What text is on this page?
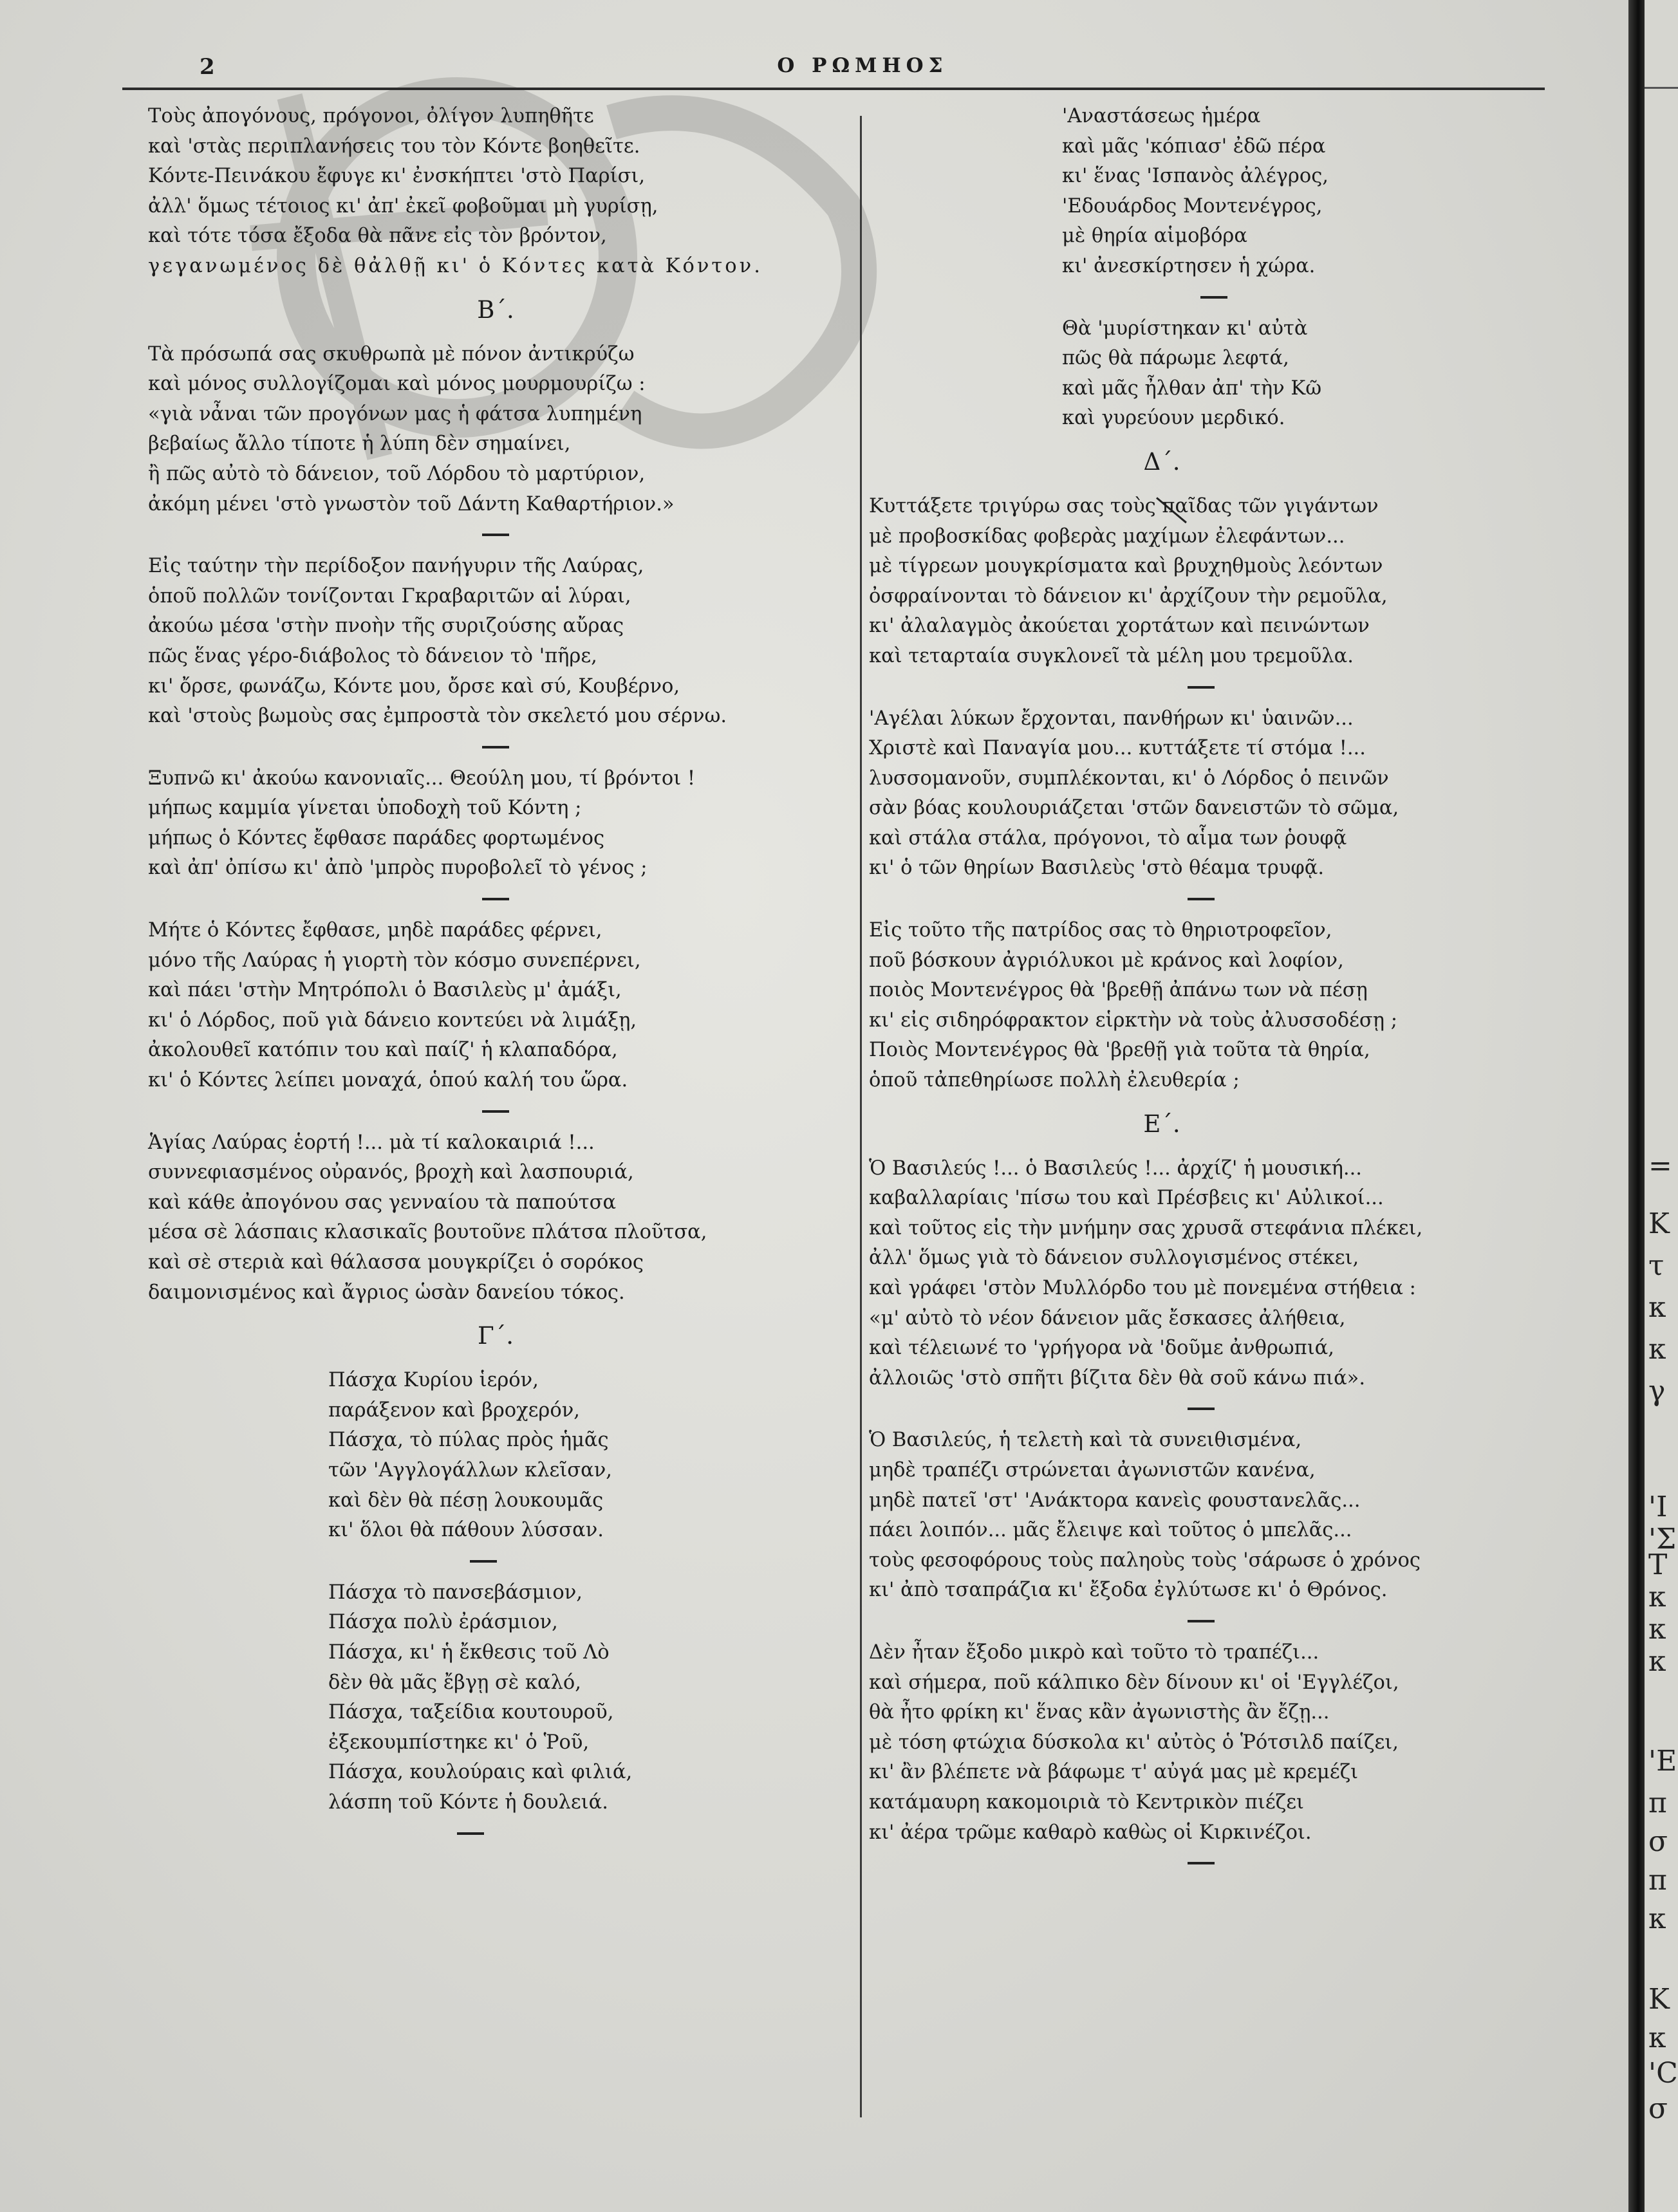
2	Ο ΡΩΜΗΟΣ
Τοὺς ἀπογόνους, πρόγονοι, ὀλίγον λυπηθῆτε
καὶ 'στὰς περιπλανήσεις του τὸν Κόντε βοηθεῖτε.
Κόντε-Πεινάκου ἔφυγε κι' ἐνσκήπτει 'στὸ Παρίσι,
ἀλλ' ὅμως τέτοιος κι' ἀπ' ἐκεῖ φοβοῦμαι μὴ γυρίσῃ,
καὶ τότε τόσα ἔξοδα θὰ πᾶνε εἰς τὸν βρόντον,
γεγανωμένος δὲ θἀλθῇ κι' ὁ Κόντες κατὰ Κόντον.
Β΄.
Τὰ πρόσωπά σας σκυθρωπὰ μὲ πόνον ἀντικρύζω
καὶ μόνος συλλογίζομαι καὶ μόνος μουρμουρίζω :
«γιὰ νἆναι τῶν προγόνων μας ἡ φάτσα λυπημένη
βεβαίως ἄλλο τίποτε ἡ λύπη δὲν σημαίνει,
ἢ πῶς αὐτὸ τὸ δάνειον, τοῦ Λόρδου τὸ μαρτύριον,
ἀκόμη μένει 'στὸ γνωστὸν τοῦ Δάντη Καθαρτήριον.»
Εἰς ταύτην τὴν περίδοξον πανήγυριν τῆς Λαύρας,
ὁποῦ πολλῶν τονίζονται Γκραβαριτῶν αἱ λύραι,
ἀκούω μέσα 'στὴν πνοὴν τῆς συριζούσης αὔρας
πῶς ἕνας γέρο-διάβολος τὸ δάνειον τὸ 'πῆρε,
κι' ὄρσε, φωνάζω, Κόντε μου, ὄρσε καὶ σύ, Κουβέρνο,
καὶ 'στοὺς βωμοὺς σας ἐμπροστὰ τὸν σκελετό μου σέρνω.
Ξυπνῶ κι' ἀκούω κανονιαῖς... Θεούλη μου, τί βρόντοι !
μήπως καμμία γίνεται ὑποδοχὴ τοῦ Κόντη ;
μήπως ὁ Κόντες ἔφθασε παράδες φορτωμένος
καὶ ἀπ' ὀπίσω κι' ἀπὸ 'μπρὸς πυροβολεῖ τὸ γένος ;
Μήτε ὁ Κόντες ἔφθασε, μηδὲ παράδες φέρνει,
μόνο τῆς Λαύρας ἡ γιορτὴ τὸν κόσμο συνεπέρνει,
καὶ πάει 'στὴν Μητρόπολι ὁ Βασιλεὺς μ' ἀμάξι,
κι' ὁ Λόρδος, ποῦ γιὰ δάνειο κοντεύει νὰ λιμάξῃ,
ἀκολουθεῖ κατόπιν του καὶ παίζ' ἡ κλαπαδόρα,
κι' ὁ Κόντες λείπει μοναχά, ὁπού καλή του ὥρα.
Ἁγίας Λαύρας ἑορτή !... μὰ τί καλοκαιριά !...
συννεφιασμένος οὐρανός, βροχὴ καὶ λασπουριά,
καὶ κάθε ἀπογόνου σας γενναίου τὰ παπούτσα
μέσα σὲ λάσπαις κλασικαῖς βουτοῦνε πλάτσα πλοῦτσα,
καὶ σὲ στεριὰ καὶ θάλασσα μουγκρίζει ὁ σορόκος
δαιμονισμένος καὶ ἄγριος ὡσὰν δανείου τόκος.
Γ΄.
Πάσχα Κυρίου ἱερόν,
παράξενον καὶ βροχερόν,
Πάσχα, τὸ πύλας πρὸς ἡμᾶς
τῶν 'Αγγλογάλλων κλεῖσαν,
καὶ δὲν θὰ πέσῃ λουκουμᾶς
κι' ὅλοι θὰ πάθουν λύσσαν.
Πάσχα τὸ πανσεβάσμιον,
Πάσχα πολὺ ἐράσμιον,
Πάσχα, κι' ἡ ἔκθεσις τοῦ Λὸ
δὲν θὰ μᾶς ἔβγῃ σὲ καλό,
Πάσχα, ταξείδια κουτουροῦ,
ἐξεκουμπίστηκε κι' ὁ Ῥοῦ,
Πάσχα, κουλούραις καὶ φιλιά,
λάσπη τοῦ Κόντε ἡ δουλειά.
'Αναστάσεως ἡμέρα
καὶ μᾶς 'κόπιασ' ἐδῶ πέρα
κι' ἕνας 'Ισπανὸς ἀλέγρος,
'Εδουάρδος Μοντενέγρος,
μὲ θηρία αἱμοβόρα
κι' ἀνεσκίρτησεν ἡ χώρα.
Θὰ 'μυρίστηκαν κι' αὐτὰ
πῶς θὰ πάρωμε λεφτά,
καὶ μᾶς ἦλθαν ἀπ' τὴν Κῶ
καὶ γυρεύουν μερδικό.
Δ΄.
Κυττάξετε τριγύρω σας τοὺς παῖδας τῶν γιγάντων
μὲ προβοσκίδας φοβερὰς μαχίμων ἐλεφάντων...
μὲ τίγρεων μουγκρίσματα καὶ βρυχηθμοὺς λεόντων
ὀσφραίνονται τὸ δάνειον κι' ἀρχίζουν τὴν ρεμοῦλα,
κι' ἀλαλαγμὸς ἀκούεται χορτάτων καὶ πεινώντων
καὶ τεταρταία συγκλονεῖ τὰ μέλη μου τρεμοῦλα.
'Αγέλαι λύκων ἔρχονται, πανθήρων κι' ὑαινῶν...
Χριστὲ καὶ Παναγία μου... κυττάξετε τί στόμα !...
λυσσομανοῦν, συμπλέκονται, κι' ὁ Λόρδος ὁ πεινῶν
σὰν βόας κουλουριάζεται 'στῶν δανειστῶν τὸ σῶμα,
καὶ στάλα στάλα, πρόγονοι, τὸ αἷμα των ῥουφᾷ
κι' ὁ τῶν θηρίων Βασιλεὺς 'στὸ θέαμα τρυφᾷ.
Εἰς τοῦτο τῆς πατρίδος σας τὸ θηριοτροφεῖον,
ποῦ βόσκουν ἀγριόλυκοι μὲ κράνος καὶ λοφίον,
ποιὸς Μοντενέγρος θὰ 'βρεθῇ ἀπάνω των νὰ πέσῃ
κι' εἰς σιδηρόφρακτον εἱρκτὴν νὰ τοὺς ἀλυσσοδέσῃ ;
Ποιὸς Μοντενέγρος θὰ 'βρεθῇ γιὰ τοῦτα τὰ θηρία,
ὁποῦ τἀπεθηρίωσε πολλὴ ἐλευθερία ;
Ε΄.
Ὁ Βασιλεύς !... ὁ Βασιλεύς !... ἀρχίζ' ἡ μουσική...
καβαλλαρίαις 'πίσω του καὶ Πρέσβεις κι' Αὐλικοί...
καὶ τοῦτος εἰς τὴν μνήμην σας χρυσᾶ στεφάνια πλέκει,
ἀλλ' ὅμως γιὰ τὸ δάνειον συλλογισμένος στέκει,
καὶ γράφει 'στὸν Μυλλόρδο του μὲ πονεμένα στήθεια :
«μ' αὐτὸ τὸ νέον δάνειον μᾶς ἔσκασες ἀλήθεια,
καὶ τέλειωνέ το 'γρήγορα νὰ 'δοῦμε ἀνθρωπιά,
ἀλλοιῶς 'στὸ σπῆτι βίζιτα δὲν θὰ σοῦ κάνω πιά».
Ὁ Βασιλεύς, ἡ τελετὴ καὶ τὰ συνειθισμένα,
μηδὲ τραπέζι στρώνεται ἀγωνιστῶν κανένα,
μηδὲ πατεῖ 'στ' 'Ανάκτορα κανεὶς φουστανελᾶς...
πάει λοιπόν... μᾶς ἔλειψε καὶ τοῦτος ὁ μπελᾶς...
τοὺς φεσοφόρους τοὺς παληοὺς τοὺς 'σάρωσε ὁ χρόνος
κι' ἀπὸ τσαπράζια κι' ἔξοδα ἐγλύτωσε κι' ὁ Θρόνος.
Δὲν ἦταν ἔξοδο μικρὸ καὶ τοῦτο τὸ τραπέζι...
καὶ σήμερα, ποῦ κάλπικο δὲν δίνουν κι' οἱ 'Εγγλέζοι,
θὰ ἦτο φρίκη κι' ἕνας κἂν ἀγωνιστὴς ἂν ἔζῃ...
μὲ τόση φτώχια δύσκολα κι' αὐτὸς ὁ Ῥότσιλδ παίζει,
κι' ἂν βλέπετε νὰ βάφωμε τ' αὐγά μας μὲ κρεμέζι
κατάμαυρη κακομοιριὰ τὸ Κεντρικὸν πιέζει
κι' ἀέρα τρῶμε καθαρὸ καθὼς οἱ Κιρκινέζοι.
=
K
τ
κ
κ
γ
'I
'Σ
T
κ
κ
κ
'E
π
σ
π
κ
K
κ
'C
σ
